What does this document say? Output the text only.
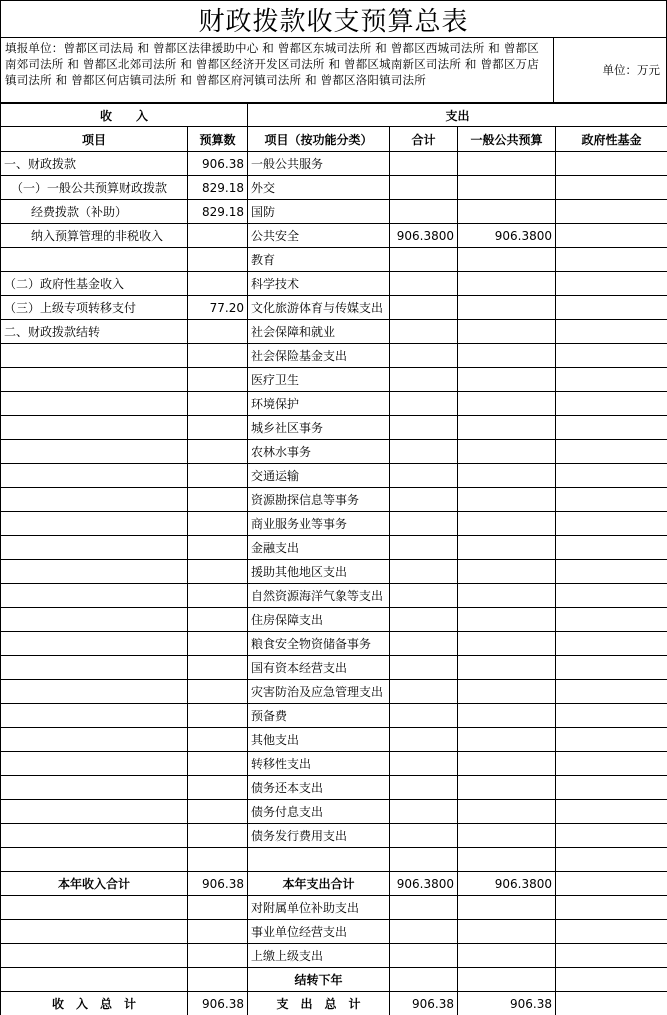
财政拨款收支预算总表
填报单位：曾都区司法局 和 曾都区法律援助中心 和 曾都区东城司法所 和 曾都区西城司法所 和 曾都区南郊司法所 和 曾都区北郊司法所 和 曾都区经济开发区司法所 和 曾都区城南新区司法所 和 曾都区万店镇司法所 和 曾都区何店镇司法所 和 曾都区府河镇司法所 和 曾都区洛阳镇司法所
单位：万元
收　　入		支出			
项目	预算数	项目（按功能分类）	合计	一般公共预算	政府性基金
一、财政拨款	906.38	一般公共服务			
（一）一般公共预算财政拨款	829.18	外交			
经费拨款（补助）	829.18	国防			
纳入预算管理的非税收入		公共安全	906.3800	906.3800	
		教育			
（二）政府性基金收入		科学技术			
（三）上级专项转移支付	77.20	文化旅游体育与传媒支出			
二、财政拨款结转		社会保障和就业			
		社会保险基金支出			
		医疗卫生			
		环境保护			
		城乡社区事务			
		农林水事务			
		交通运输			
		资源勘探信息等事务			
		商业服务业等事务			
		金融支出			
		援助其他地区支出			
		自然资源海洋气象等支出			
		住房保障支出			
		粮食安全物资储备事务			
		国有资本经营支出			
		灾害防治及应急管理支出			
		预备费			
		其他支出			
		转移性支出			
		债务还本支出			
		债务付息支出			
		债务发行费用支出			

本年收入合计	906.38	本年支出合计	906.3800	906.3800	
		对附属单位补助支出			
		事业单位经营支出			
		上缴上级支出			
		结转下年			
收　入　总　计	906.38	支　出　总　计	906.38	906.38	
